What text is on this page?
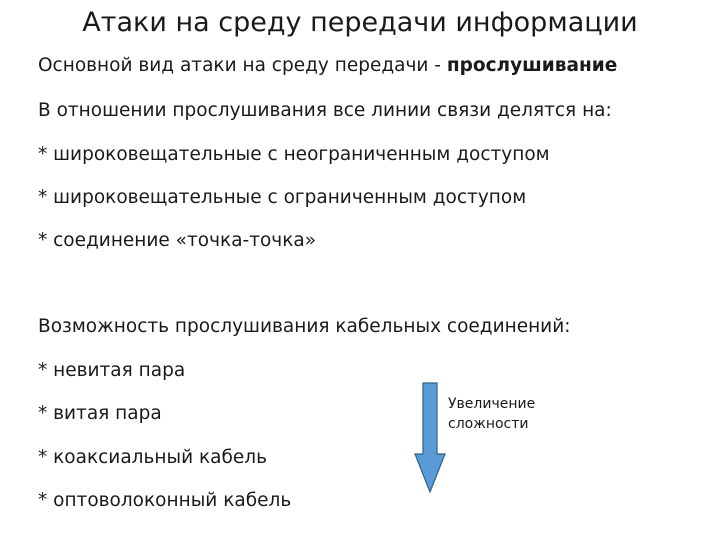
Атаки на среду передачи информации
Основной вид атаки на среду передачи - прослушивание
В отношении прослушивания все линии связи делятся на:
* широковещательные с неограниченным доступом
* широковещательные с ограниченным доступом
* соединение «точка-точка»
Возможность прослушивания кабельных соединений:
* невитая пара
* витая пара
* коаксиальный кабель
* оптоволоконный кабель
Увеличение
сложности
